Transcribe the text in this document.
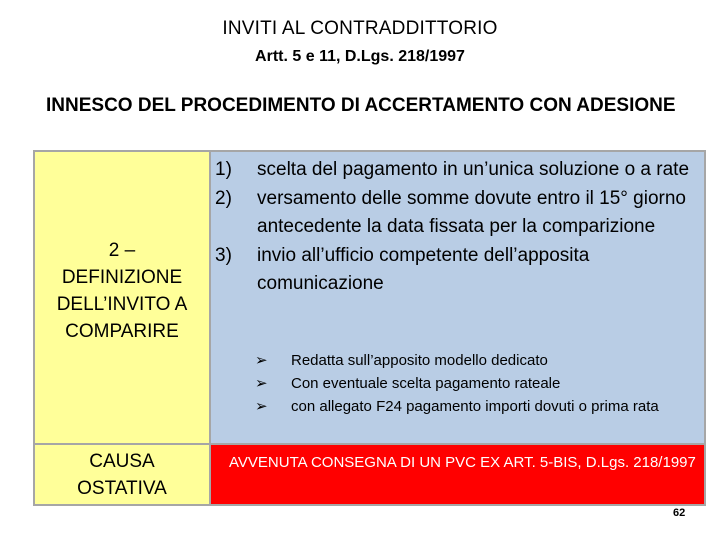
INVITI AL CONTRADDITTORIO
Artt. 5 e 11, D.Lgs. 218/1997
INNESCO DEL PROCEDIMENTO DI ACCERTAMENTO CON ADESIONE
2 –
DEFINIZIONE
DELL’INVITO A
COMPARIRE
1) scelta del pagamento in un’unica soluzione o a rate
2) versamento delle somme dovute entro il 15° giorno antecedente la data fissata per la comparizione
3) invio all’ufficio competente dell’apposita comunicazione
➢ Redatta sull’apposito modello dedicato
➢ Con eventuale scelta pagamento rateale
➢ con allegato F24 pagamento importi dovuti o prima rata
CAUSA
OSTATIVA
AVVENUTA CONSEGNA DI UN PVC EX ART. 5-BIS, D.Lgs. 218/1997
62
